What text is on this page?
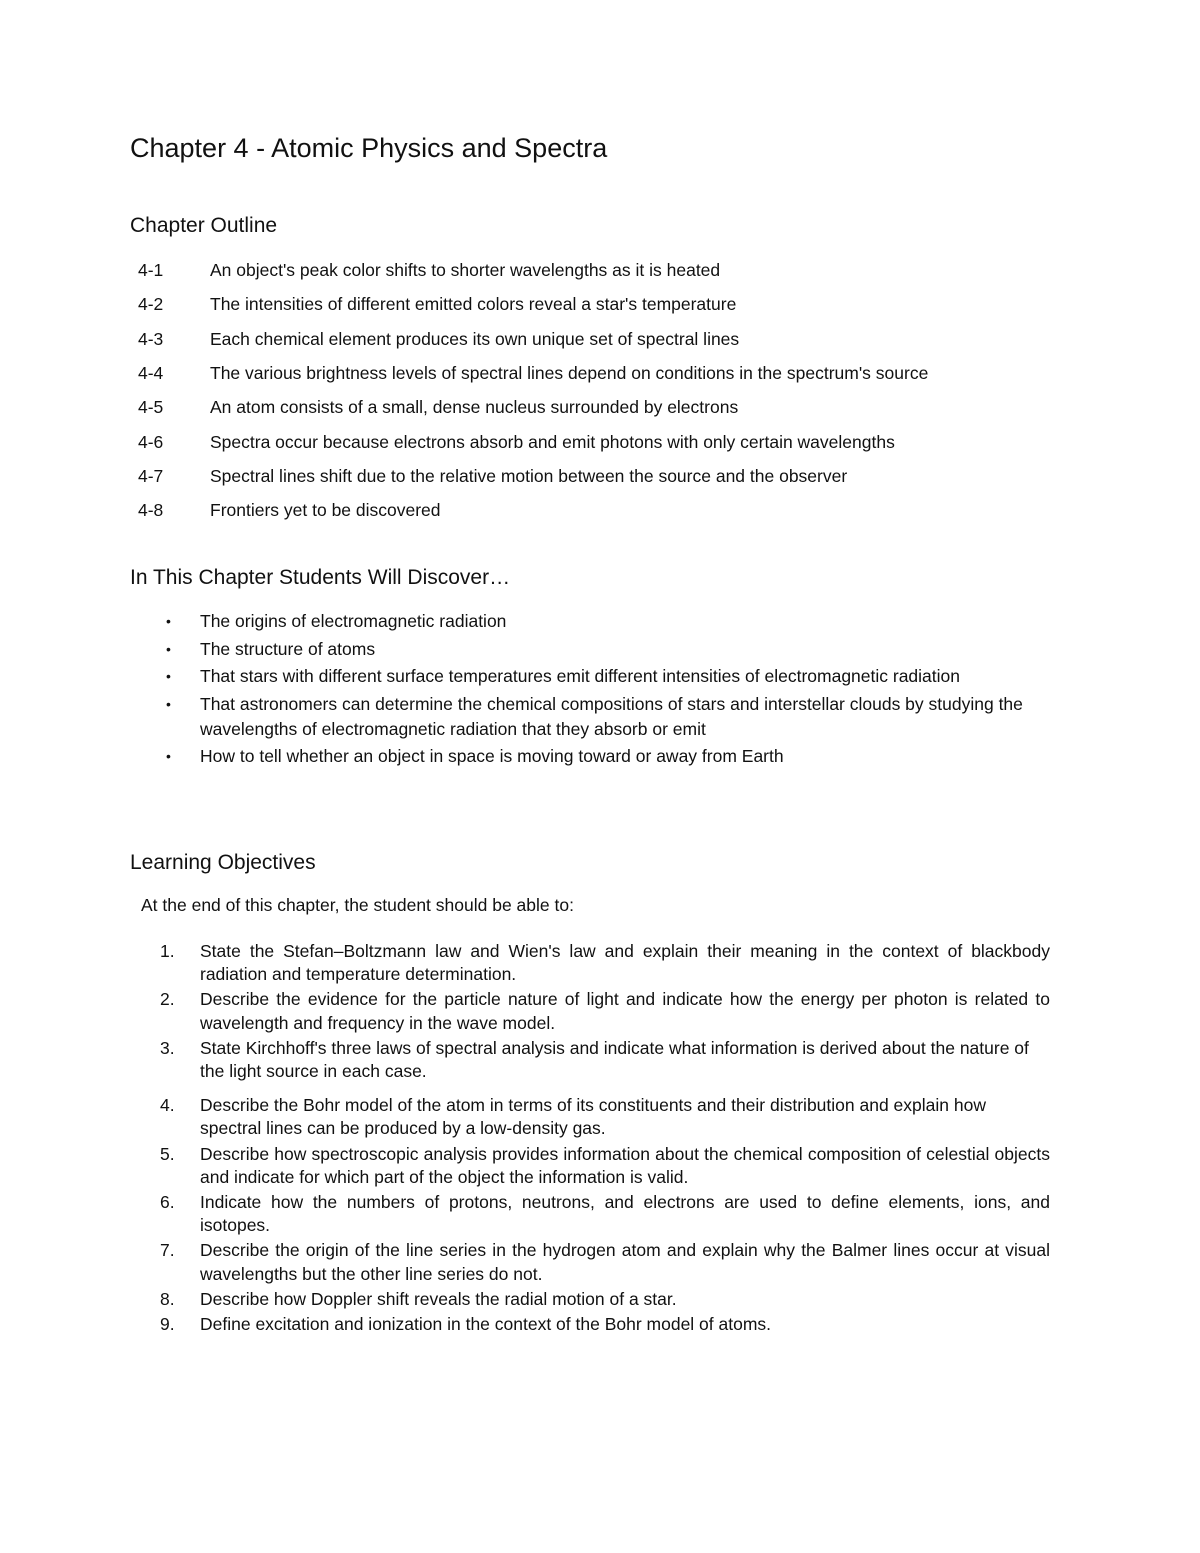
Chapter 4 - Atomic Physics and Spectra
Chapter Outline
4-1	An object's peak color shifts to shorter wavelengths as it is heated
4-2	The intensities of different emitted colors reveal a star's temperature
4-3	Each chemical element produces its own unique set of spectral lines
4-4	The various brightness levels of spectral lines depend on conditions in the spectrum's source
4-5	An atom consists of a small, dense nucleus surrounded by electrons
4-6	Spectra occur because electrons absorb and emit photons with only certain wavelengths
4-7	Spectral lines shift due to the relative motion between the source and the observer
4-8	Frontiers yet to be discovered
In This Chapter Students Will Discover…
•	The origins of electromagnetic radiation
•	The structure of atoms
•	That stars with different surface temperatures emit different intensities of electromagnetic radiation
•	That astronomers can determine the chemical compositions of stars and interstellar clouds by studying the wavelengths of electromagnetic radiation that they absorb or emit
•	How to tell whether an object in space is moving toward or away from Earth
Learning Objectives

At the end of this chapter, the student should be able to:

1.	State the Stefan–Boltzmann law and Wien's law and explain their meaning in the context of blackbody radiation and temperature determination.
2.	Describe the evidence for the particle nature of light and indicate how the energy per photon is related to wavelength and frequency in the wave model.
3.	State Kirchhoff's three laws of spectral analysis and indicate what information is derived about the nature of the light source in each case.
4.	Describe the Bohr model of the atom in terms of its constituents and their distribution and explain how spectral lines can be produced by a low-density gas.
5.	Describe how spectroscopic analysis provides information about the chemical composition of celestial objects and indicate for which part of the object the information is valid.
6.	Indicate how the numbers of protons, neutrons, and electrons are used to define elements, ions, and isotopes.
7.	Describe the origin of the line series in the hydrogen atom and explain why the Balmer lines occur at visual wavelengths but the other line series do not.
8.	Describe how Doppler shift reveals the radial motion of a star.
9.	Define excitation and ionization in the context of the Bohr model of atoms.
